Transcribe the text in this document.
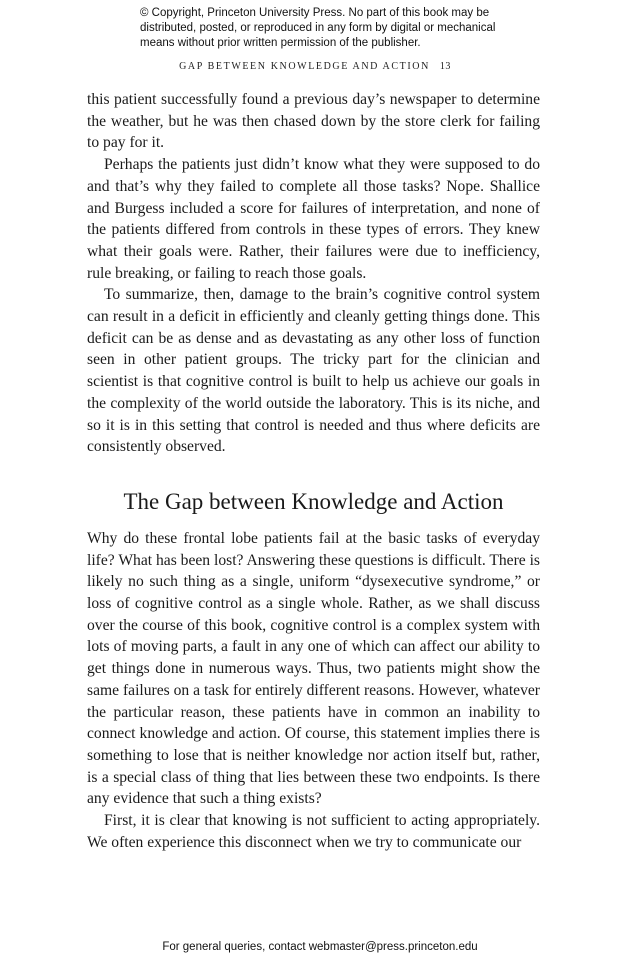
© Copyright, Princeton University Press. No part of this book may be
distributed, posted, or reproduced in any form by digital or mechanical
means without prior written permission of the publisher.
GAP BETWEEN KNOWLEDGE AND ACTION 13

this patient successfully found a previous day’s newspaper to determine the weather, but he was then chased down by the store clerk for failing to pay for it.

Perhaps the patients just didn’t know what they were supposed to do and that’s why they failed to complete all those tasks? Nope. Shallice and Burgess included a score for failures of interpretation, and none of the patients differed from controls in these types of errors. They knew what their goals were. Rather, their failures were due to inefficiency, rule breaking, or failing to reach those goals.

To summarize, then, damage to the brain’s cognitive control system can result in a deficit in efficiently and cleanly getting things done. This deficit can be as dense and as devastating as any other loss of function seen in other patient groups. The tricky part for the clinician and scientist is that cognitive control is built to help us achieve our goals in the complexity of the world outside the laboratory. This is its niche, and so it is in this setting that control is needed and thus where deficits are consistently observed.

The Gap between Knowledge and Action

Why do these frontal lobe patients fail at the basic tasks of everyday life? What has been lost? Answering these questions is difficult. There is likely no such thing as a single, uniform “dysexecutive syndrome,” or loss of cognitive control as a single whole. Rather, as we shall discuss over the course of this book, cognitive control is a complex system with lots of moving parts, a fault in any one of which can affect our ability to get things done in numerous ways. Thus, two patients might show the same failures on a task for entirely different reasons. However, whatever the particular reason, these patients have in common an inability to connect knowledge and action. Of course, this statement implies there is something to lose that is neither knowledge nor action itself but, rather, is a special class of thing that lies between these two endpoints. Is there any evidence that such a thing exists?

First, it is clear that knowing is not sufficient to acting appropriately. We often experience this disconnect when we try to communicate our

For general queries, contact webmaster@press.princeton.edu
